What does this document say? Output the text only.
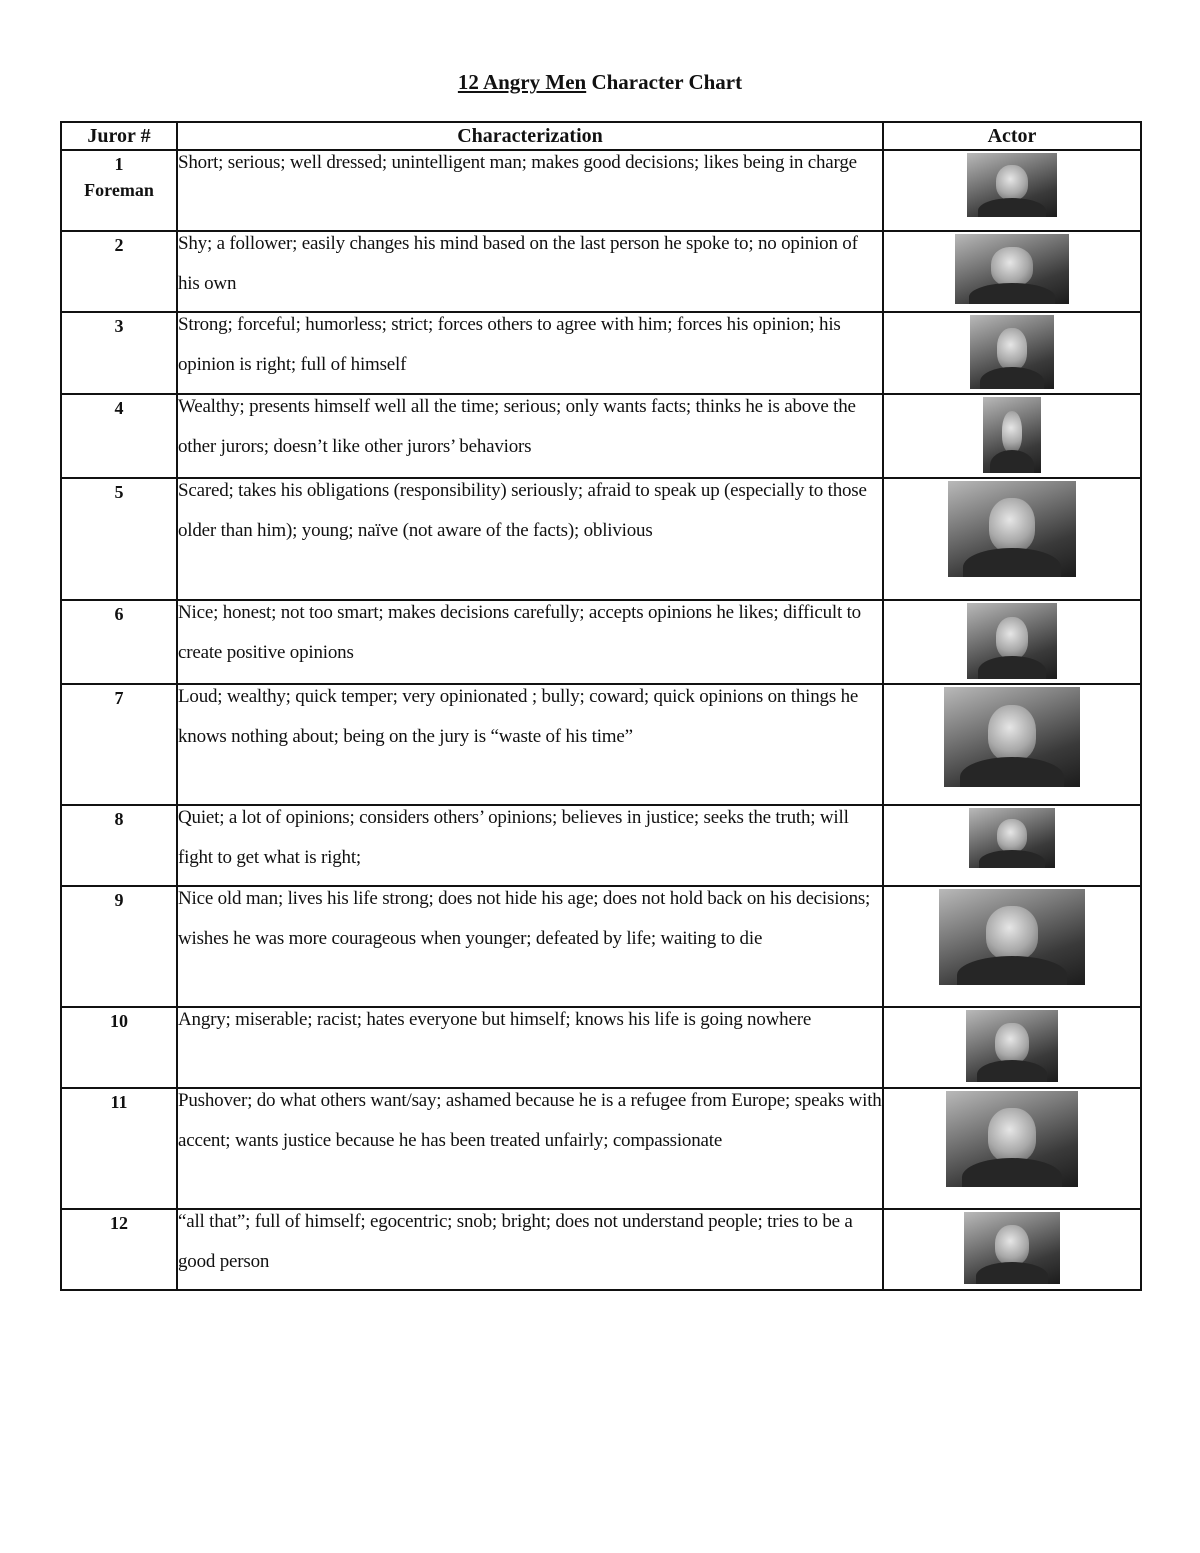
12 Angry Men Character Chart
Juror #	Characterization	Actor
1
Foreman	Short; serious; well dressed; unintelligent man; makes good decisions; likes being in charge	

2	Shy; a follower; easily changes his mind based on the last person he spoke to; no opinion of his own	

3	Strong; forceful; humorless; strict; forces others to agree with him; forces his opinion; his opinion is right; full of himself	

4	Wealthy; presents himself well all the time; serious; only wants facts; thinks he is above the other jurors; doesn’t like other jurors’ behaviors	

5	Scared; takes his obligations (responsibility) seriously; afraid to speak up (especially to those older than him); young; naïve (not aware of the facts); oblivious	

6	Nice; honest; not too smart; makes decisions carefully; accepts opinions he likes; difficult to create positive opinions	

7	Loud; wealthy; quick temper; very opinionated ; bully; coward; quick opinions on things he knows nothing about; being on the jury is “waste of his time”	

8	Quiet; a lot of opinions; considers others’ opinions; believes in justice; seeks the truth; will fight to get what is right;	

9	Nice old man; lives his life strong; does not hide his age; does not hold back on his decisions; wishes he was more courageous when younger; defeated by life; waiting to die	

10	Angry; miserable; racist; hates everyone but himself; knows his life is going nowhere	

11	Pushover; do what others want/say; ashamed because he is a refugee from Europe; speaks with accent; wants justice because he has been treated unfairly; compassionate	

12	“all that”; full of himself; egocentric; snob; bright; does not understand people; tries to be a good person	
